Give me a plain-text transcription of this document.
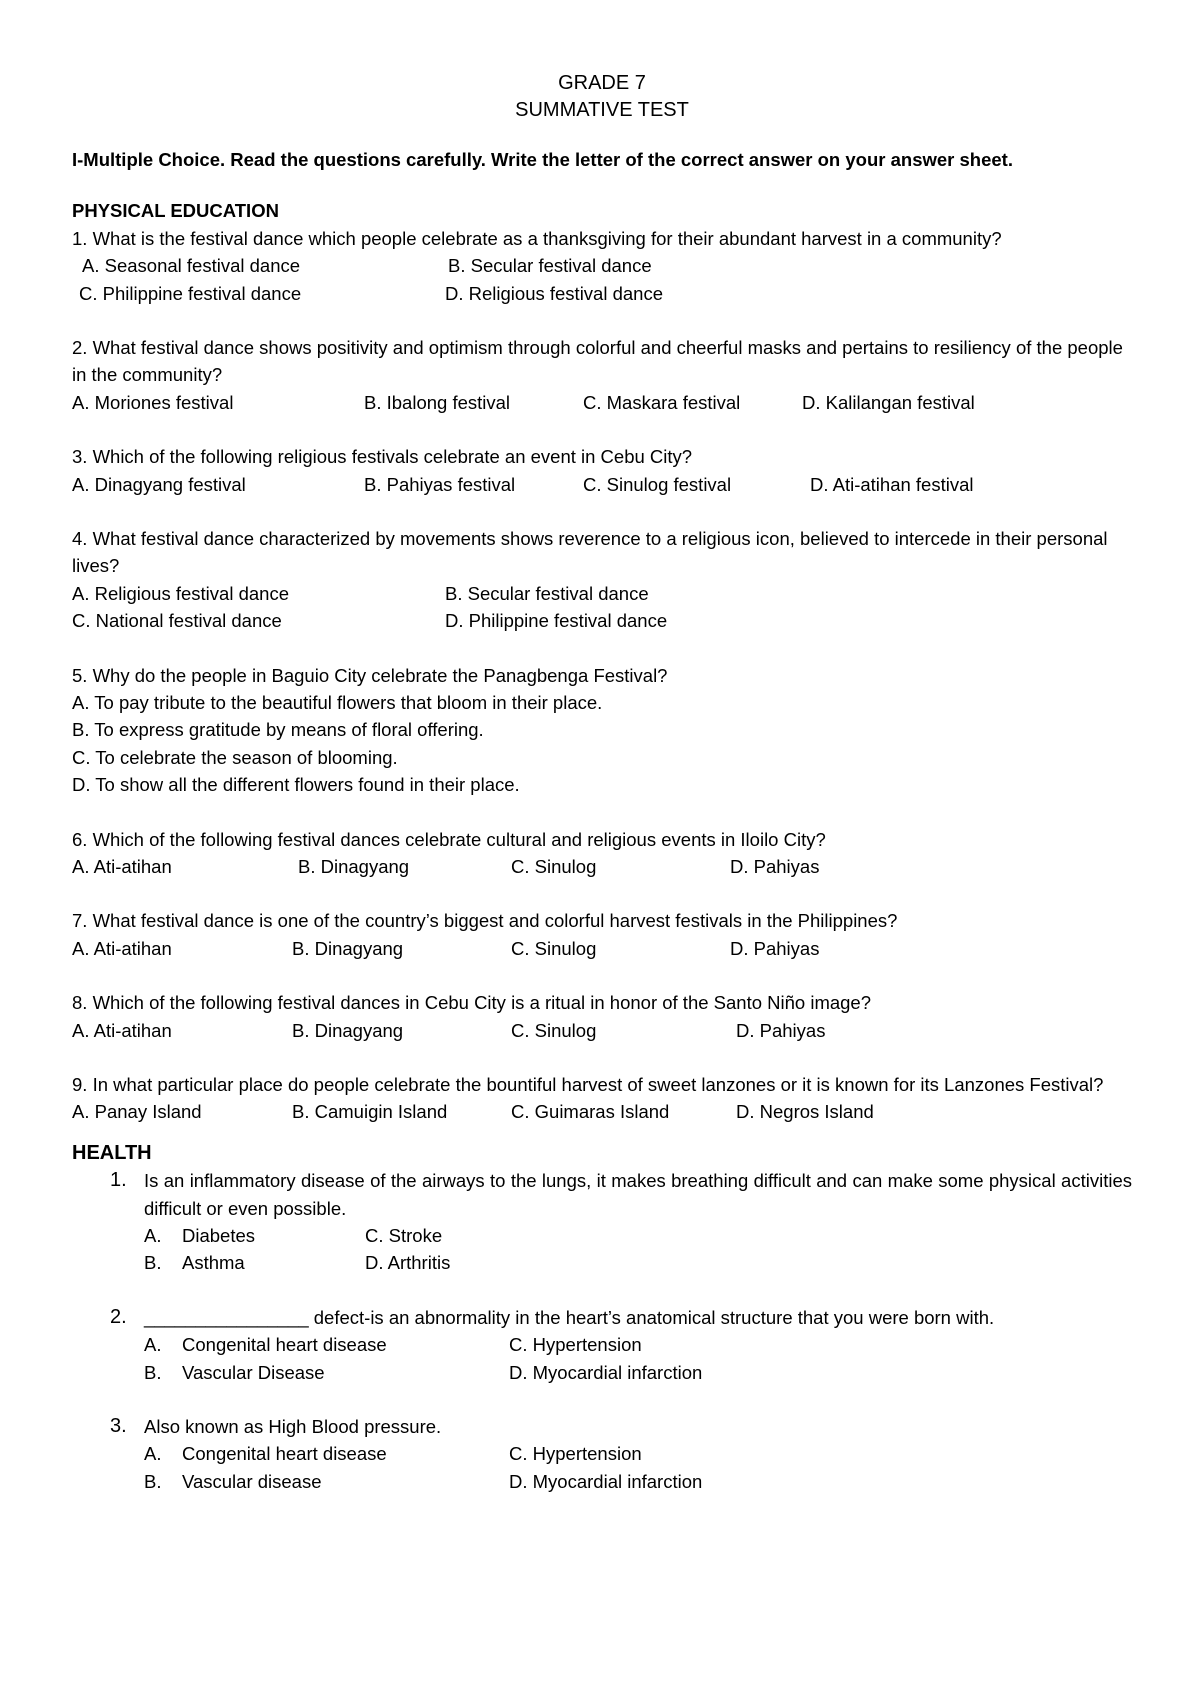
GRADE 7
SUMMATIVE TEST
I-Multiple Choice. Read the questions carefully. Write the letter of the correct answer on your answer sheet.
PHYSICAL EDUCATION
1. What is the festival dance which people celebrate as a thanksgiving for their abundant harvest in a community?
A. Seasonal festival dance	B. Secular festival dance
C. Philippine festival dance	D. Religious festival dance
2. What festival dance shows positivity and optimism through colorful and cheerful masks and pertains to resiliency of the people in the community?
A. Moriones festival	B. Ibalong festival	C. Maskara festival	D. Kalilangan festival
3. Which of the following religious festivals celebrate an event in Cebu City?
A. Dinagyang festival	B. Pahiyas festival	C. Sinulog festival	D. Ati-atihan festival
4. What festival dance characterized by movements shows reverence to a religious icon, believed to intercede in their personal lives?
A. Religious festival dance	B. Secular festival dance
C. National festival dance	D. Philippine festival dance
5. Why do the people in Baguio City celebrate the Panagbenga Festival?
A. To pay tribute to the beautiful flowers that bloom in their place.
B. To express gratitude by means of floral offering.
C. To celebrate the season of blooming.
D. To show all the different flowers found in their place.
6. Which of the following festival dances celebrate cultural and religious events in Iloilo City?
A. Ati-atihan	B. Dinagyang	C. Sinulog	D. Pahiyas
7. What festival dance is one of the country’s biggest and colorful harvest festivals in the Philippines?
A. Ati-atihan	B. Dinagyang	C. Sinulog	D. Pahiyas
8. Which of the following festival dances in Cebu City is a ritual in honor of the Santo Niño image?
A. Ati-atihan	B. Dinagyang	C. Sinulog	D. Pahiyas
9. In what particular place do people celebrate the bountiful harvest of sweet lanzones or it is known for its Lanzones Festival?
A. Panay Island	B. Camuigin Island	C. Guimaras Island	D. Negros Island
HEALTH
1. Is an inflammatory disease of the airways to the lungs, it makes breathing difficult and can make some physical activities difficult or even possible.
A. Diabetes	C. Stroke
B. Asthma	D. Arthritis
2. ________________ defect-is an abnormality in the heart’s anatomical structure that you were born with.
A. Congenital heart disease	C. Hypertension
B. Vascular Disease	D. Myocardial infarction
3. Also known as High Blood pressure.
A. Congenital heart disease	C. Hypertension
B. Vascular disease	D. Myocardial infarction
